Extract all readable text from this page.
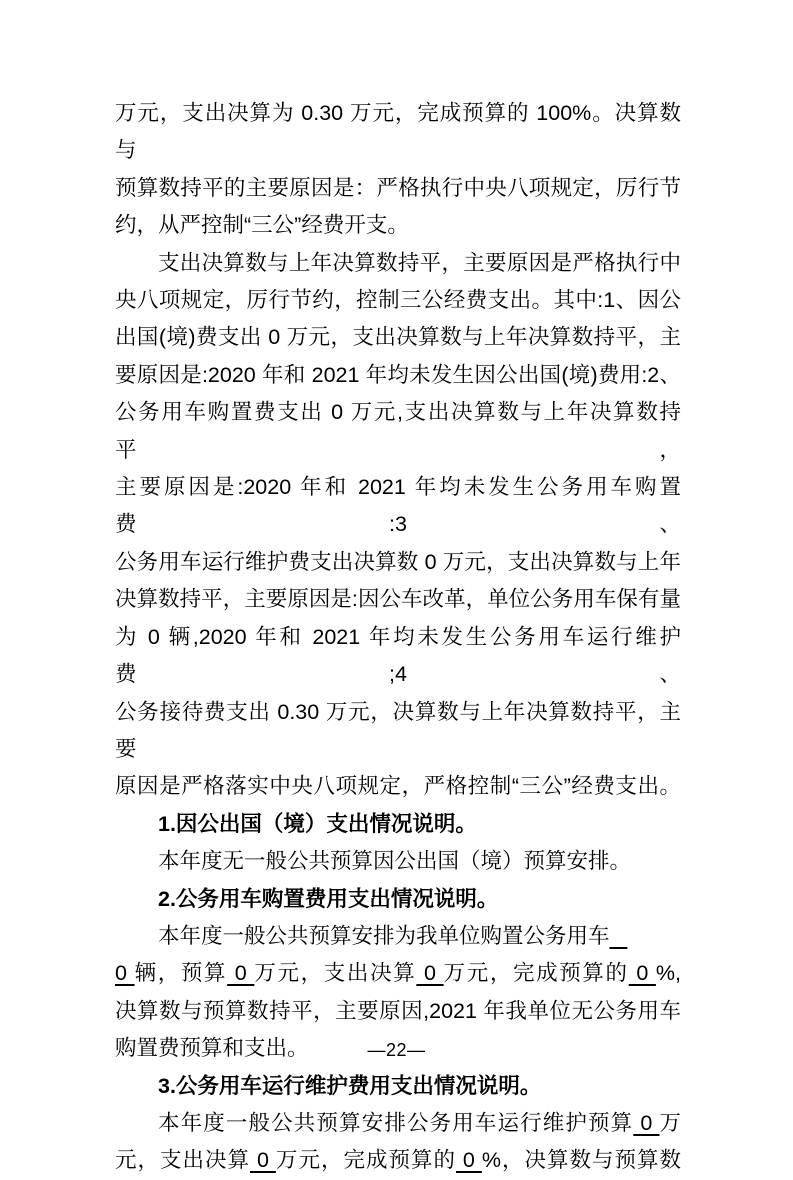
万元，支出决算为 0.30 万元，完成预算的 100%。决算数与
预算数持平的主要原因是：严格执行中央八项规定，厉行节
约，从严控制“三公”经费开支。
支出决算数与上年决算数持平，主要原因是严格执行中
央八项规定，厉行节约，控制三公经费支出。其中:1、因公
出国(境)费支出 0 万元，支出决算数与上年决算数持平，主
要原因是:2020 年和 2021 年均未发生因公出国(境)费用:2、
公务用车购置费支出 0 万元,支出决算数与上年决算数持平，
主要原因是:2020 年和 2021 年均未发生公务用车购置费:3、
公务用车运行维护费支出决算数 0 万元，支出决算数与上年
决算数持平，主要原因是:因公车改革，单位公务用车保有量
为 0 辆,2020 年和 2021 年均未发生公务用车运行维护费;4、
公务接待费支出 0.30 万元，决算数与上年决算数持平，主要
原因是严格落实中央八项规定，严格控制“三公”经费支出。
1.因公出国（境）支出情况说明。
本年度无一般公共预算因公出国（境）预算安排。
2.公务用车购置费用支出情况说明。
本年度一般公共预算安排为我单位购置公务用车
0 辆，预算 0 万元，支出决算 0 万元，完成预算的 0 %,
决算数与预算数持平，主要原因,2021 年我单位无公务用车
购置费预算和支出。
3.公务用车运行维护费用支出情况说明。
本年度一般公共预算安排公务用车运行维护预算 0 万
元，支出决算 0 万元，完成预算的 0 %，决算数与预算数
—22—
